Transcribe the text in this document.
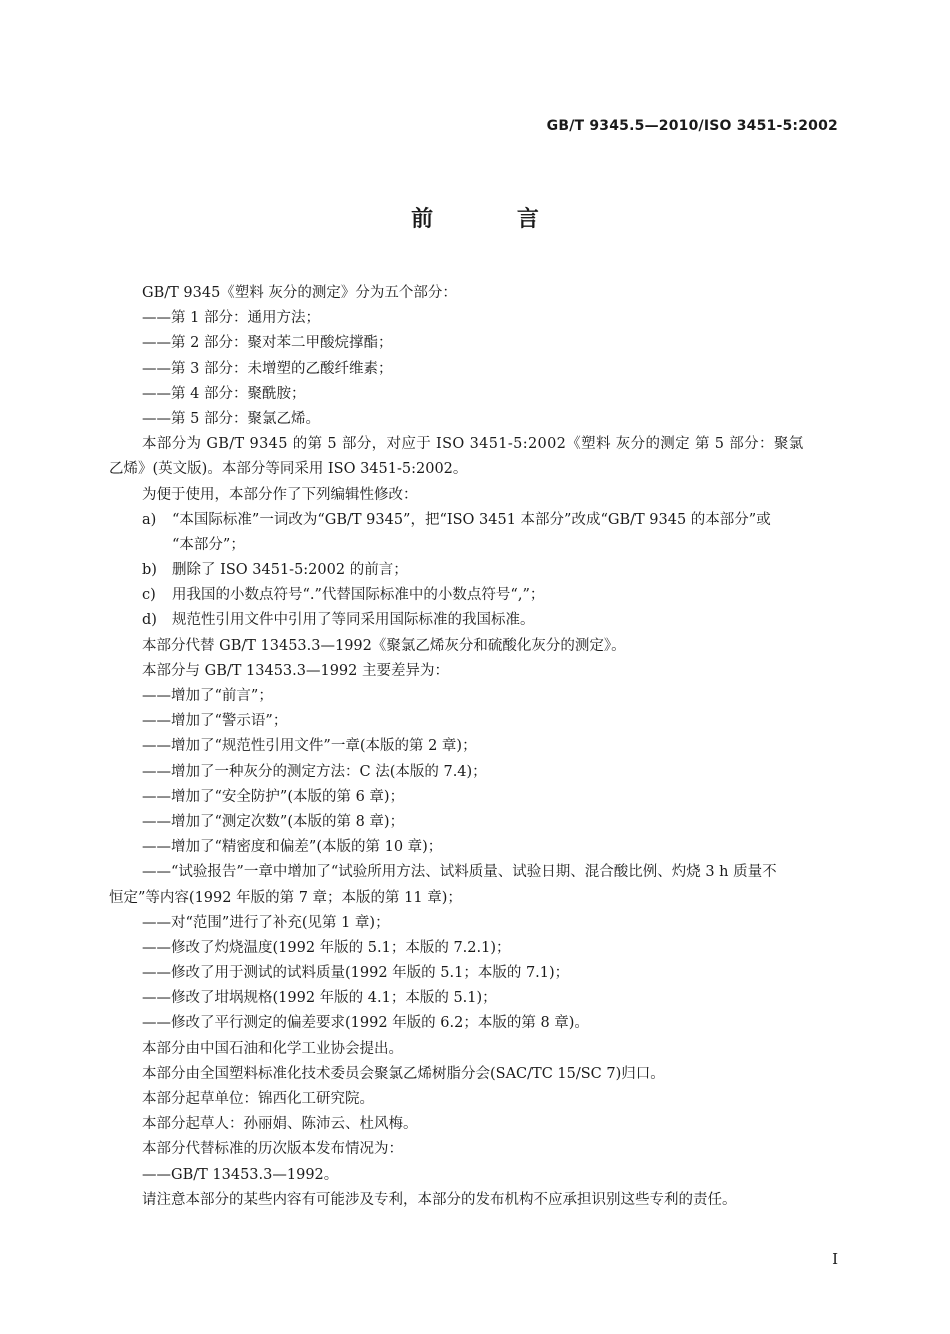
GB/T 9345.5—2010/ISO 3451-5:2002
前 言
GB/T 9345《塑料 灰分的测定》分为五个部分：
——第 1 部分：通用方法；
——第 2 部分：聚对苯二甲酸烷撑酯；
——第 3 部分：未增塑的乙酸纤维素；
——第 4 部分：聚酰胺；
——第 5 部分：聚氯乙烯。
本部分为 GB/T 9345 的第 5 部分，对应于 ISO 3451-5:2002《塑料 灰分的测定 第 5 部分：聚氯
乙烯》(英文版)。本部分等同采用 ISO 3451-5:2002。
为便于使用，本部分作了下列编辑性修改：
a) “本国际标准”一词改为“GB/T 9345”，把“ISO 3451 本部分”改成“GB/T 9345 的本部分”或
“本部分”；
b) 删除了 ISO 3451-5:2002 的前言；
c) 用我国的小数点符号“.”代替国际标准中的小数点符号“,”；
d) 规范性引用文件中引用了等同采用国际标准的我国标准。
本部分代替 GB/T 13453.3—1992《聚氯乙烯灰分和硫酸化灰分的测定》。
本部分与 GB/T 13453.3—1992 主要差异为：
——增加了“前言”；
——增加了“警示语”；
——增加了“规范性引用文件”一章(本版的第 2 章)；
——增加了一种灰分的测定方法：C 法(本版的 7.4)；
——增加了“安全防护”(本版的第 6 章)；
——增加了“测定次数”(本版的第 8 章)；
——增加了“精密度和偏差”(本版的第 10 章)；
——“试验报告”一章中增加了“试验所用方法、试料质量、试验日期、混合酸比例、灼烧 3 h 质量不
恒定”等内容(1992 年版的第 7 章；本版的第 11 章)；
——对“范围”进行了补充(见第 1 章)；
——修改了灼烧温度(1992 年版的 5.1；本版的 7.2.1)；
——修改了用于测试的试料质量(1992 年版的 5.1；本版的 7.1)；
——修改了坩埚规格(1992 年版的 4.1；本版的 5.1)；
——修改了平行测定的偏差要求(1992 年版的 6.2；本版的第 8 章)。
本部分由中国石油和化学工业协会提出。
本部分由全国塑料标准化技术委员会聚氯乙烯树脂分会(SAC/TC 15/SC 7)归口。
本部分起草单位：锦西化工研究院。
本部分起草人：孙丽娟、陈沛云、杜风梅。
本部分代替标准的历次版本发布情况为：
——GB/T 13453.3—1992。
请注意本部分的某些内容有可能涉及专利，本部分的发布机构不应承担识别这些专利的责任。
I
